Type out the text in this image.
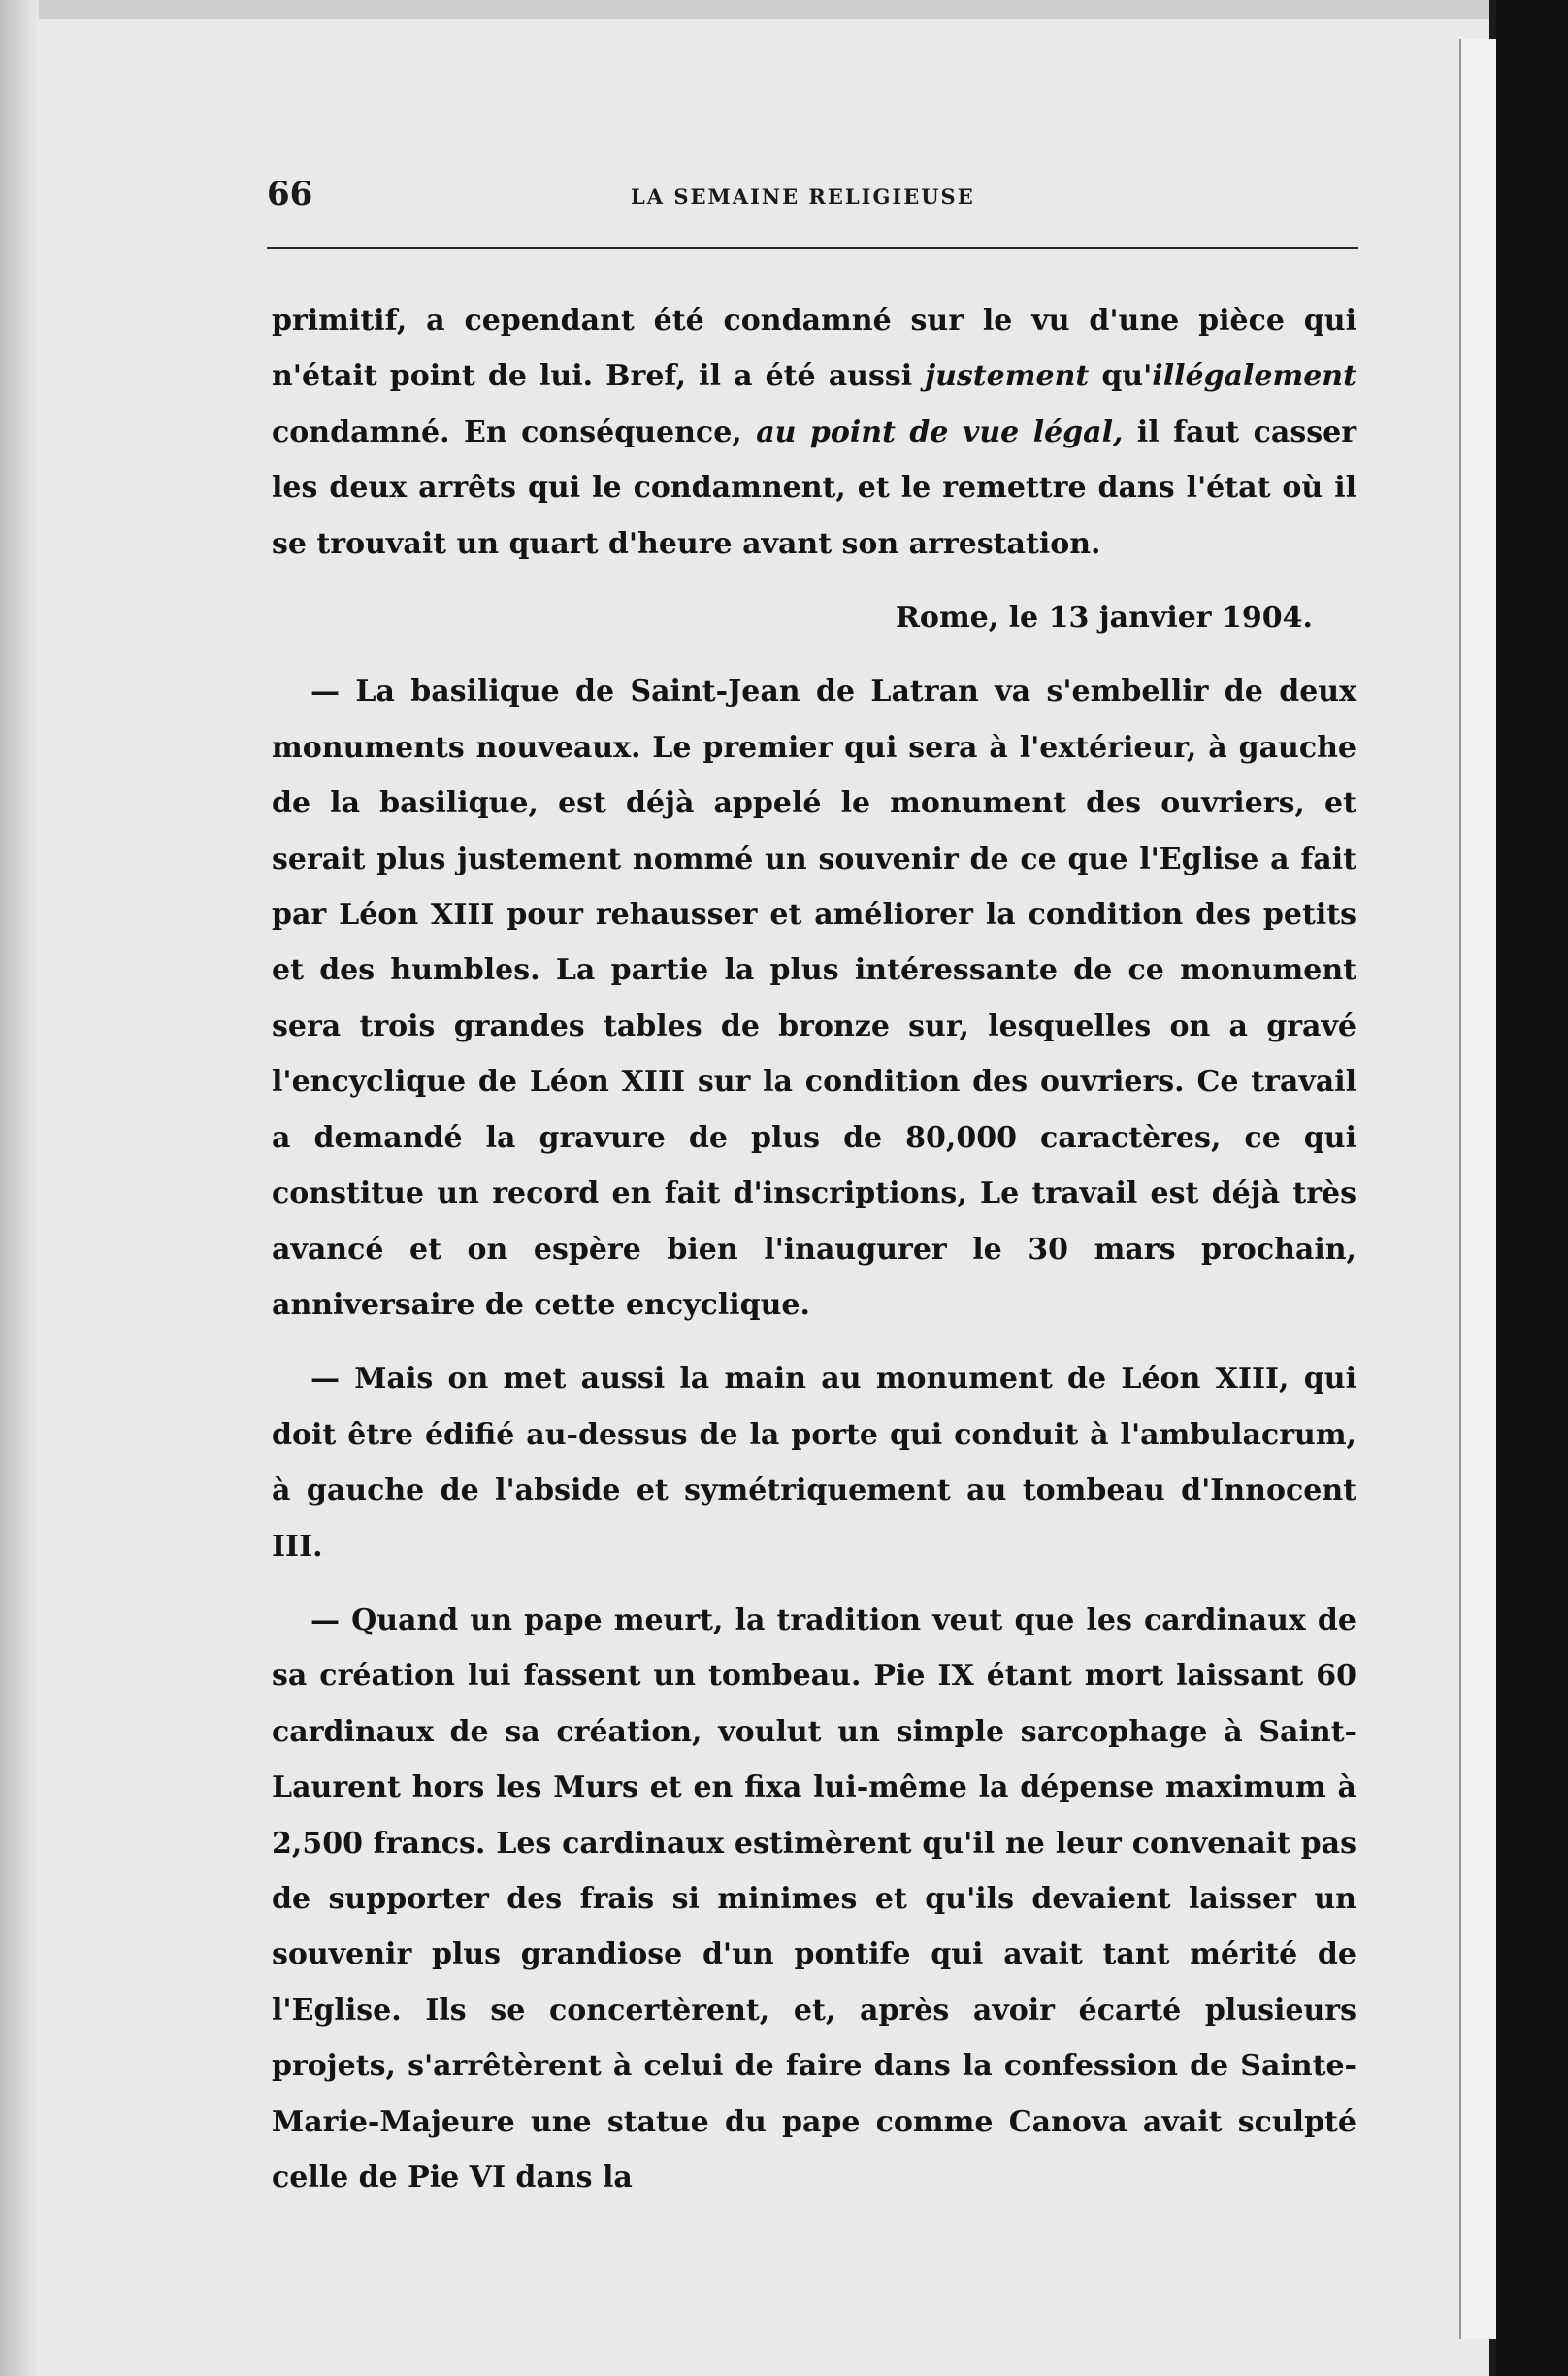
66	LA SEMAINE RELIGIEUSE

primitif, a cependant été condamné sur le vu d'une pièce qui n'était point de lui. Bref, il a été aussi justement qu'illégalement condamné. En conséquence, au point de vue légal, il faut casser les deux arrêts qui le condamnent, et le remettre dans l'état où il se trouvait un quart d'heure avant son arrestation.

Rome, le 13 janvier 1904.

— La basilique de Saint-Jean de Latran va s'embellir de deux monuments nouveaux. Le premier qui sera à l'extérieur, à gauche de la basilique, est déjà appelé le monument des ouvriers, et serait plus justement nommé un souvenir de ce que l'Eglise a fait par Léon XIII pour rehausser et améliorer la condition des petits et des humbles. La partie la plus intéressante de ce monument sera trois grandes tables de bronze sur, lesquelles on a gravé l'encyclique de Léon XIII sur la condition des ouvriers. Ce travail a demandé la gravure de plus de 80,000 caractères, ce qui constitue un record en fait d'inscriptions, Le travail est déjà très avancé et on espère bien l'inaugurer le 30 mars prochain, anniversaire de cette encyclique.

— Mais on met aussi la main au monument de Léon XIII, qui doit être édifié au-dessus de la porte qui conduit à l'ambulacrum, à gauche de l'abside et symétriquement au tombeau d'Innocent III.

— Quand un pape meurt, la tradition veut que les cardinaux de sa création lui fassent un tombeau. Pie IX étant mort laissant 60 cardinaux de sa création, voulut un simple sarcophage à Saint-Laurent hors les Murs et en fixa lui-même la dépense maximum à 2,500 francs. Les cardinaux estimèrent qu'il ne leur convenait pas de supporter des frais si minimes et qu'ils devaient laisser un souvenir plus grandiose d'un pontife qui avait tant mérité de l'Eglise. Ils se concertèrent, et, après avoir écarté plusieurs projets, s'arrêtèrent à celui de faire dans la confession de Sainte-Marie-Majeure une statue du pape comme Canova avait sculpté celle de Pie VI dans la
